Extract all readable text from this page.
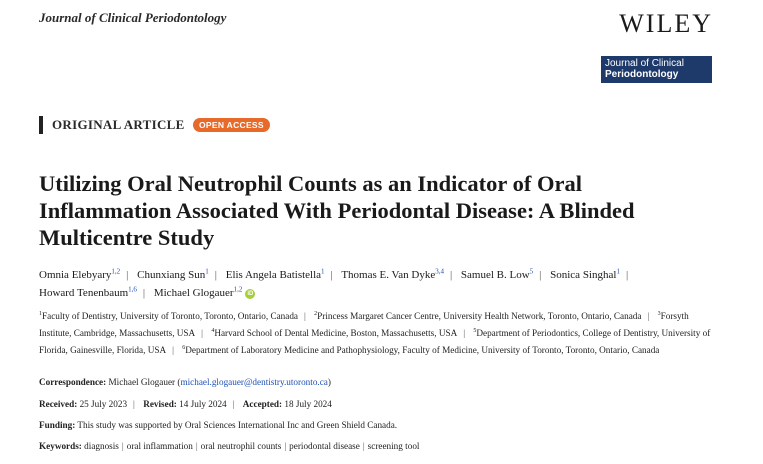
Journal of Clinical Periodontology	WILEY
Journal of Clinical
Periodontology
ORIGINAL ARTICLE	OPEN ACCESS
Utilizing Oral Neutrophil Counts as an Indicator of Oral Inflammation Associated With Periodontal Disease: A Blinded Multicentre Study
Omnia Elebyary$^{1,2}$ | Chunxiang Sun$^1$ | Elis Angela Batistella$^1$ | Thomas E. Van Dyke$^{3,4}$ | Samuel B. Low$^5$ | Sonica Singhal$^1$ |
Howard Tenenbaum$^{1,6}$ | Michael Glogauer$^{1,2}$iD
$^1$Faculty of Dentistry, University of Toronto, Toronto, Ontario, Canada | $^2$Princess Margaret Cancer Centre, University Health Network, Toronto, Ontario, Canada | $^3$Forsyth Institute, Cambridge, Massachusetts, USA | $^4$Harvard School of Dental Medicine, Boston, Massachusetts, USA | $^5$Department of Periodontics, College of Dentistry, University of Florida, Gainesville, Florida, USA | $^6$Department of Laboratory Medicine and Pathophysiology, Faculty of Medicine, University of Toronto, Toronto, Ontario, Canada
Correspondence: Michael Glogauer (michael.glogauer@dentistry.utoronto.ca)
Received: 25 July 2023 | Revised: 14 July 2024 | Accepted: 18 July 2024
Funding: This study was supported by Oral Sciences International Inc and Green Shield Canada.
Keywords: diagnosis | oral inflammation | oral neutrophil counts | periodontal disease | screening tool
